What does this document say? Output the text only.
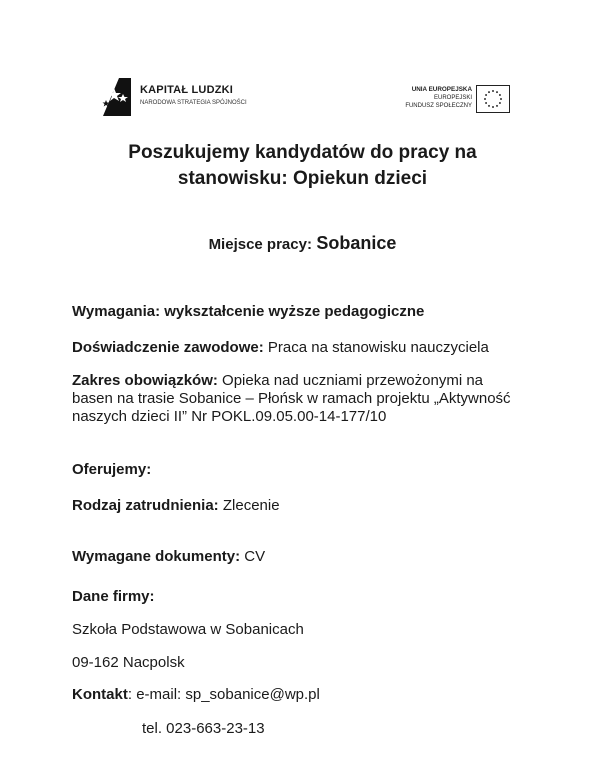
KAPITAŁ LUDZKI
NARODOWA STRATEGIA SPÓJNOŚCI
UNIA EUROPEJSKA
EUROPEJSKI
FUNDUSZ SPOŁECZNY
Poszukujemy kandydatów do pracy na
stanowisku: Opiekun dzieci
Miejsce pracy: Sobanice
Wymagania: wykształcenie wyższe pedagogiczne
Doświadczenie zawodowe: Praca na stanowisku nauczyciela
Zakres obowiązków: Opieka nad uczniami przewożonymi na
basen na trasie Sobanice – Płońsk w ramach projektu „Aktywność
naszych dzieci II” Nr POKL.09.05.00-14-177/10
Oferujemy:
Rodzaj zatrudnienia: Zlecenie
Wymagane dokumenty: CV
Dane firmy:
Szkoła Podstawowa w Sobanicach
09-162 Nacpolsk
Kontakt: e-mail: sp_sobanice@wp.pl
tel. 023-663-23-13
